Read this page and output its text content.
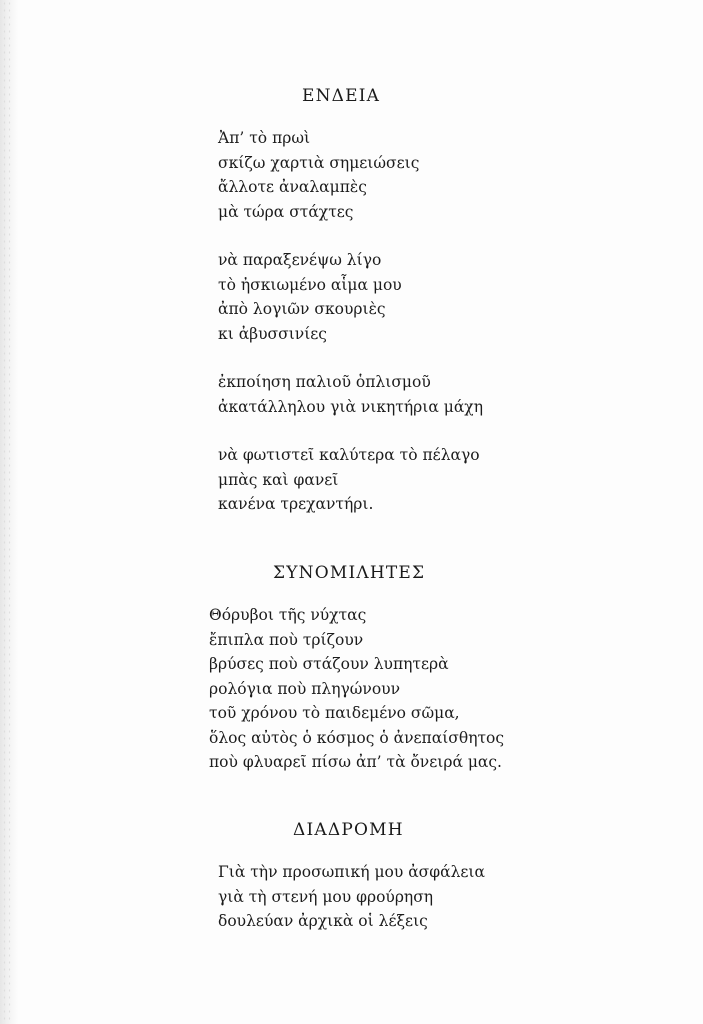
ΕΝΔΕΙΑ
Ἀπ’ τὸ πρωὶ
σκίζω χαρτιὰ σημειώσεις
ἄλλοτε ἀναλαμπὲς
μὰ τώρα στάχτες
νὰ παραξενέψω λίγο
τὸ ἠσκιωμένο αἷμα μου
ἀπὸ λογιῶν σκουριὲς
κι ἀβυσσινίες
ἐκποίηση παλιοῦ ὁπλισμοῦ
ἀκατάλληλου γιὰ νικητήρια μάχη
νὰ φωτιστεῖ καλύτερα τὸ πέλαγο
μπὰς καὶ φανεῖ
κανένα τρεχαντήρι.
ΣΥΝΟΜΙΛΗΤΕΣ
Θόρυβοι τῆς νύχτας
ἔπιπλα ποὺ τρίζουν
βρύσες ποὺ στάζουν λυπητερὰ
ρολόγια ποὺ πληγώνουν
τοῦ χρόνου τὸ παιδεμένο σῶμα,
ὅλος αὐτὸς ὁ κόσμος ὁ ἀνεπαίσθητος
ποὺ φλυαρεῖ πίσω ἀπ’ τὰ ὄνειρά μας.
ΔΙΑΔΡΟΜΗ
Γιὰ τὴν προσωπική μου ἀσφάλεια
γιὰ τὴ στενή μου φρούρηση
δουλεύαν ἀρχικὰ οἱ λέξεις
